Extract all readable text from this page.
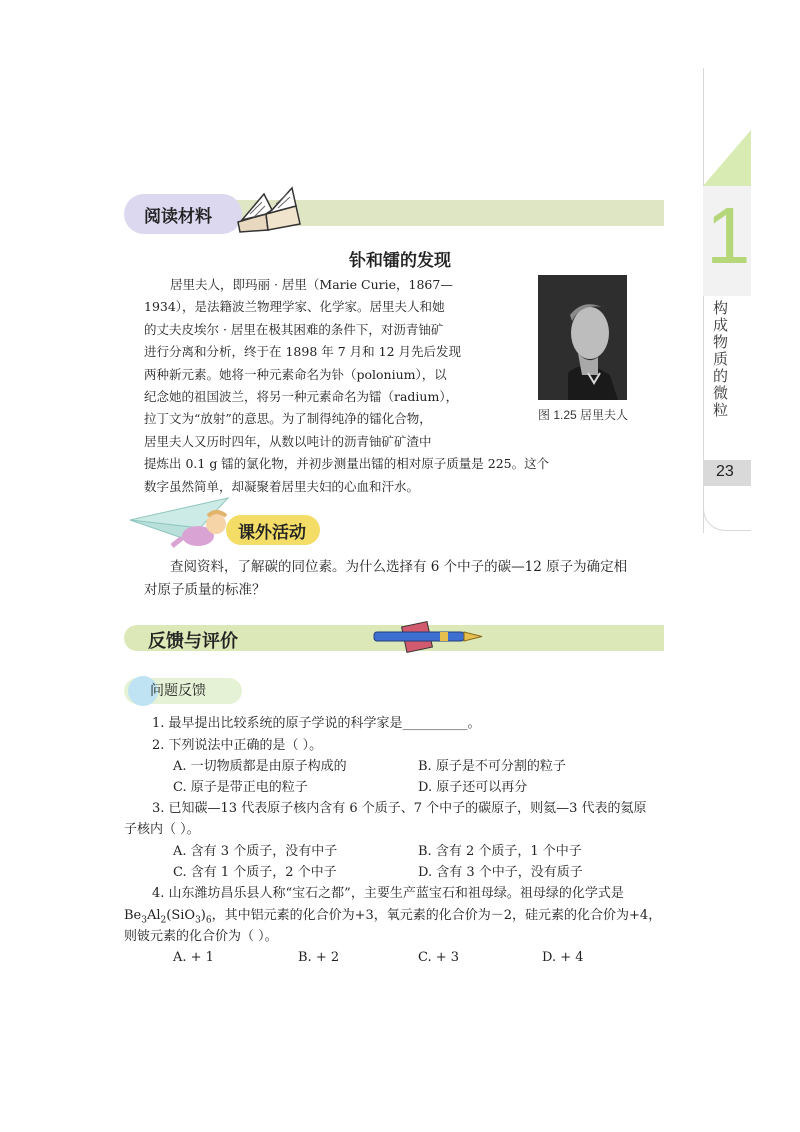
1
构成物质的微粒
23
阅读材料
钋和镭的发现
居里夫人，即玛丽 · 居里（Marie Curie，1867—
1934），是法籍波兰物理学家、化学家。居里夫人和她
的丈夫皮埃尔 · 居里在极其困难的条件下，对沥青铀矿
进行分离和分析，终于在 1898 年 7 月和 12 月先后发现
两种新元素。她将一种元素命名为钋（polonium），以
纪念她的祖国波兰，将另一种元素命名为镭（radium），
拉丁文为“放射”的意思。为了制得纯净的镭化合物，
居里夫人又历时四年，从数以吨计的沥青铀矿矿渣中
提炼出 0.1 g 镭的氯化物，并初步测量出镭的相对原子质量是 225。这个
数字虽然简单，却凝聚着居里夫妇的心血和汗水。
图 1.25 居里夫人
课外活动
查阅资料，了解碳的同位素。为什么选择有 6 个中子的碳—12 原子为确定相
对原子质量的标准？
反馈与评价
问题反馈
1. 最早提出比较系统的原子学说的科学家是__________。
2. 下列说法中正确的是（ ）。
A. 一切物质都是由原子构成的	B. 原子是不可分割的粒子
C. 原子是带正电的粒子	D. 原子还可以再分
3. 已知碳—13 代表原子核内含有 6 个质子、7 个中子的碳原子，则氦—3 代表的氦原
子核内（ ）。
A. 含有 3 个质子，没有中子	B. 含有 2 个质子，1 个中子
C. 含有 1 个质子，2 个中子	D. 含有 3 个中子，没有质子
4. 山东潍坊昌乐县人称“宝石之都”，主要生产蓝宝石和祖母绿。祖母绿的化学式是
$Be_3Al_2(SiO_3)_6$，其中铝元素的化合价为+3，氧元素的化合价为－2，硅元素的化合价为+4，
则铍元素的化合价为（ ）。
A. + 1	B. + 2	C. + 3	D. + 4
